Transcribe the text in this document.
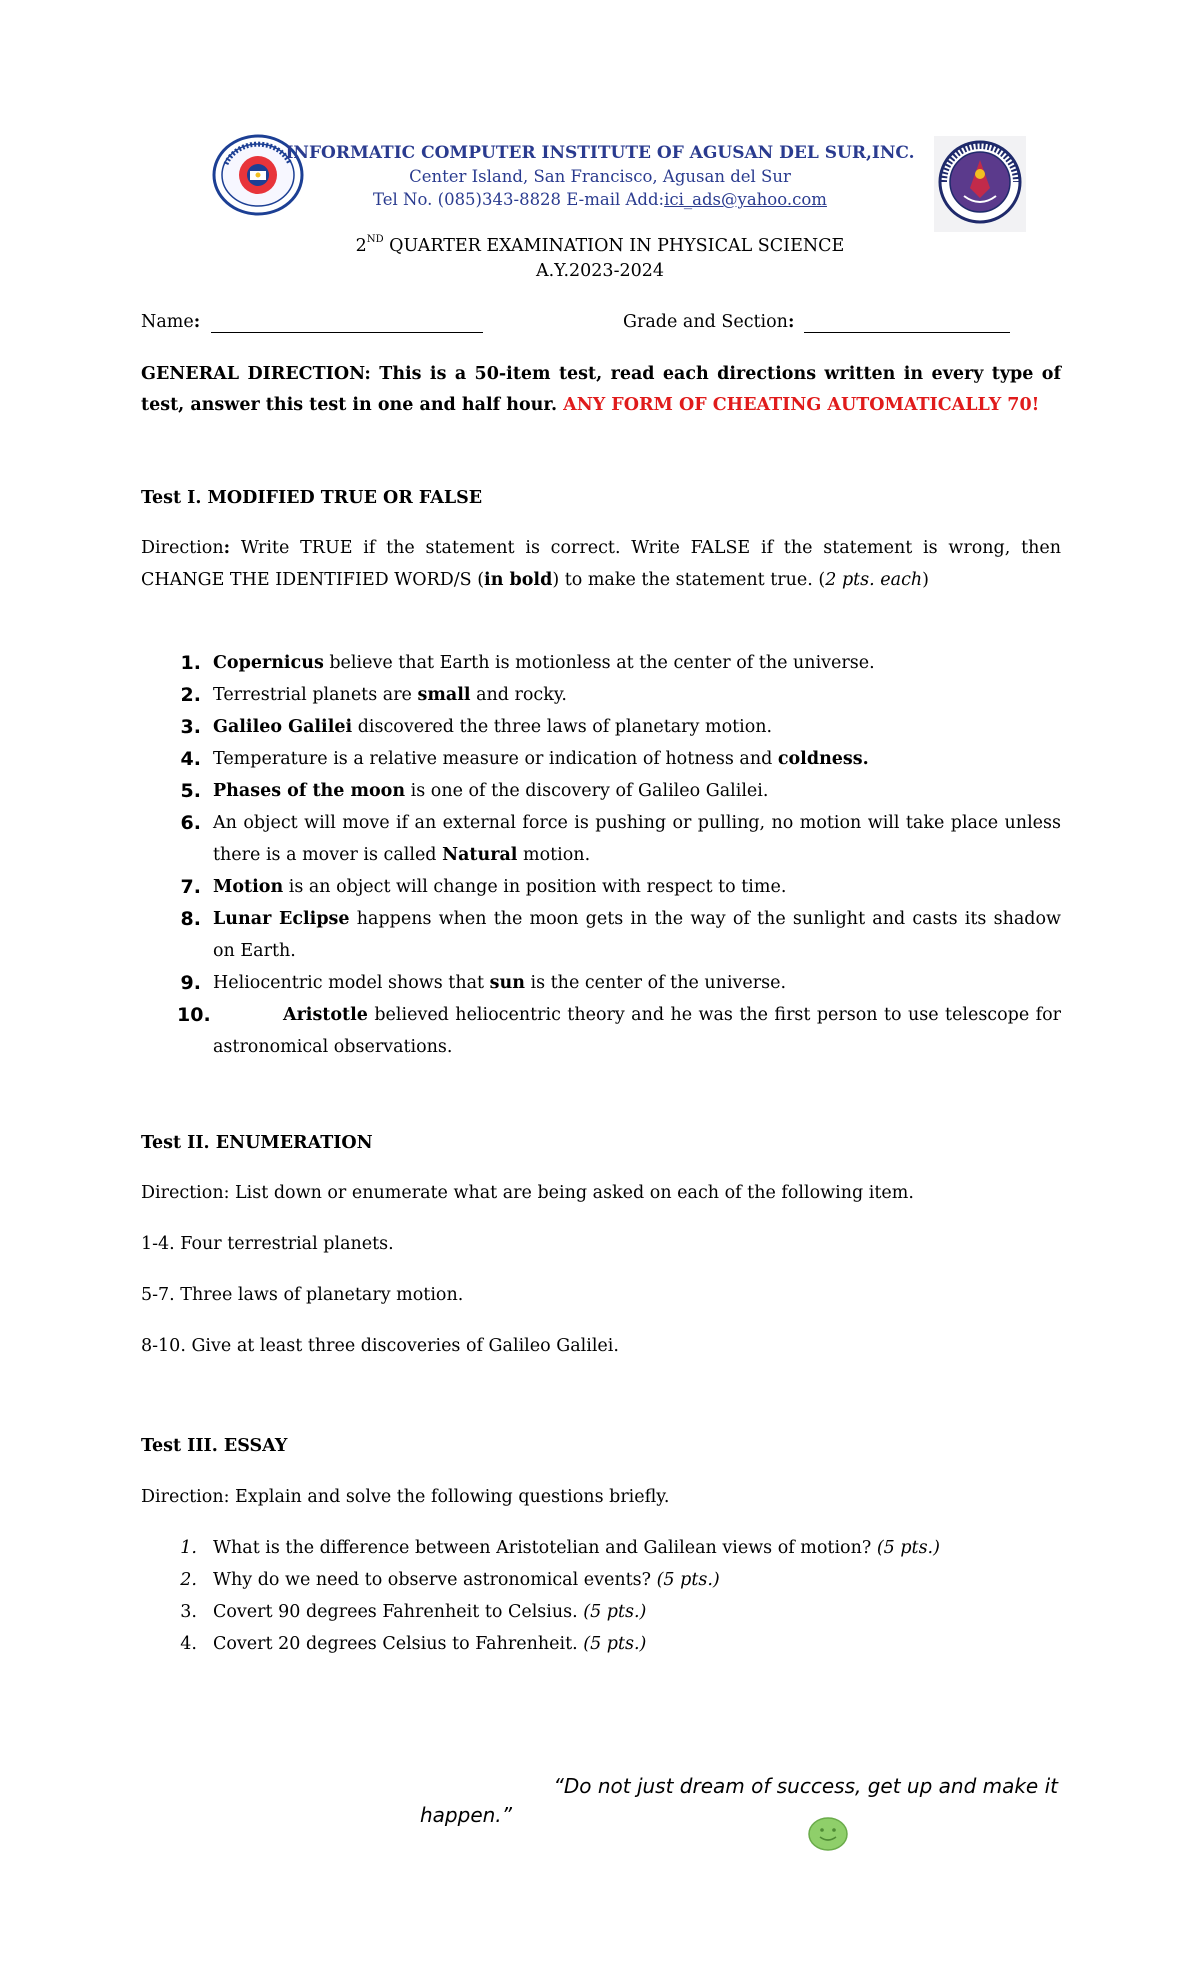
INFORMATIC COMPUTER INSTITUTE OF AGUSAN DEL SUR,INC.
Center Island, San Francisco, Agusan del Sur
Tel No. (085)343-8828 E-mail Add:ici_ads@yahoo.com
2ND QUARTER EXAMINATION IN PHYSICAL SCIENCE
A.Y.2023-2024
Name:	Grade and Section:
GENERAL DIRECTION: This is a 50-item test, read each directions written in every type of test, answer this test in one and half hour. ANY FORM OF CHEATING AUTOMATICALLY 70!
Test I. MODIFIED TRUE OR FALSE
Direction: Write TRUE if the statement is correct. Write FALSE if the statement is wrong, then CHANGE THE IDENTIFIED WORD/S (in bold) to make the statement true. (2 pts. each)
1. Copernicus believe that Earth is motionless at the center of the universe.
2. Terrestrial planets are small and rocky.
3. Galileo Galilei discovered the three laws of planetary motion.
4. Temperature is a relative measure or indication of hotness and coldness.
5. Phases of the moon is one of the discovery of Galileo Galilei.
6. An object will move if an external force is pushing or pulling, no motion will take place unless there is a mover is called Natural motion.
7. Motion is an object will change in position with respect to time.
8. Lunar Eclipse happens when the moon gets in the way of the sunlight and casts its shadow on Earth.
9. Heliocentric model shows that sun is the center of the universe.
10.	Aristotle believed heliocentric theory and he was the first person to use telescope for astronomical observations.
Test II. ENUMERATION
Direction: List down or enumerate what are being asked on each of the following item.
1-4. Four terrestrial planets.
5-7. Three laws of planetary motion.
8-10. Give at least three discoveries of Galileo Galilei.
Test III. ESSAY
Direction: Explain and solve the following questions briefly.
1. What is the difference between Aristotelian and Galilean views of motion? (5 pts.)
2. Why do we need to observe astronomical events? (5 pts.)
3. Covert 90 degrees Fahrenheit to Celsius. (5 pts.)
4. Covert 20 degrees Celsius to Fahrenheit. (5 pts.)
“Do not just dream of success, get up and make it
happen.”
